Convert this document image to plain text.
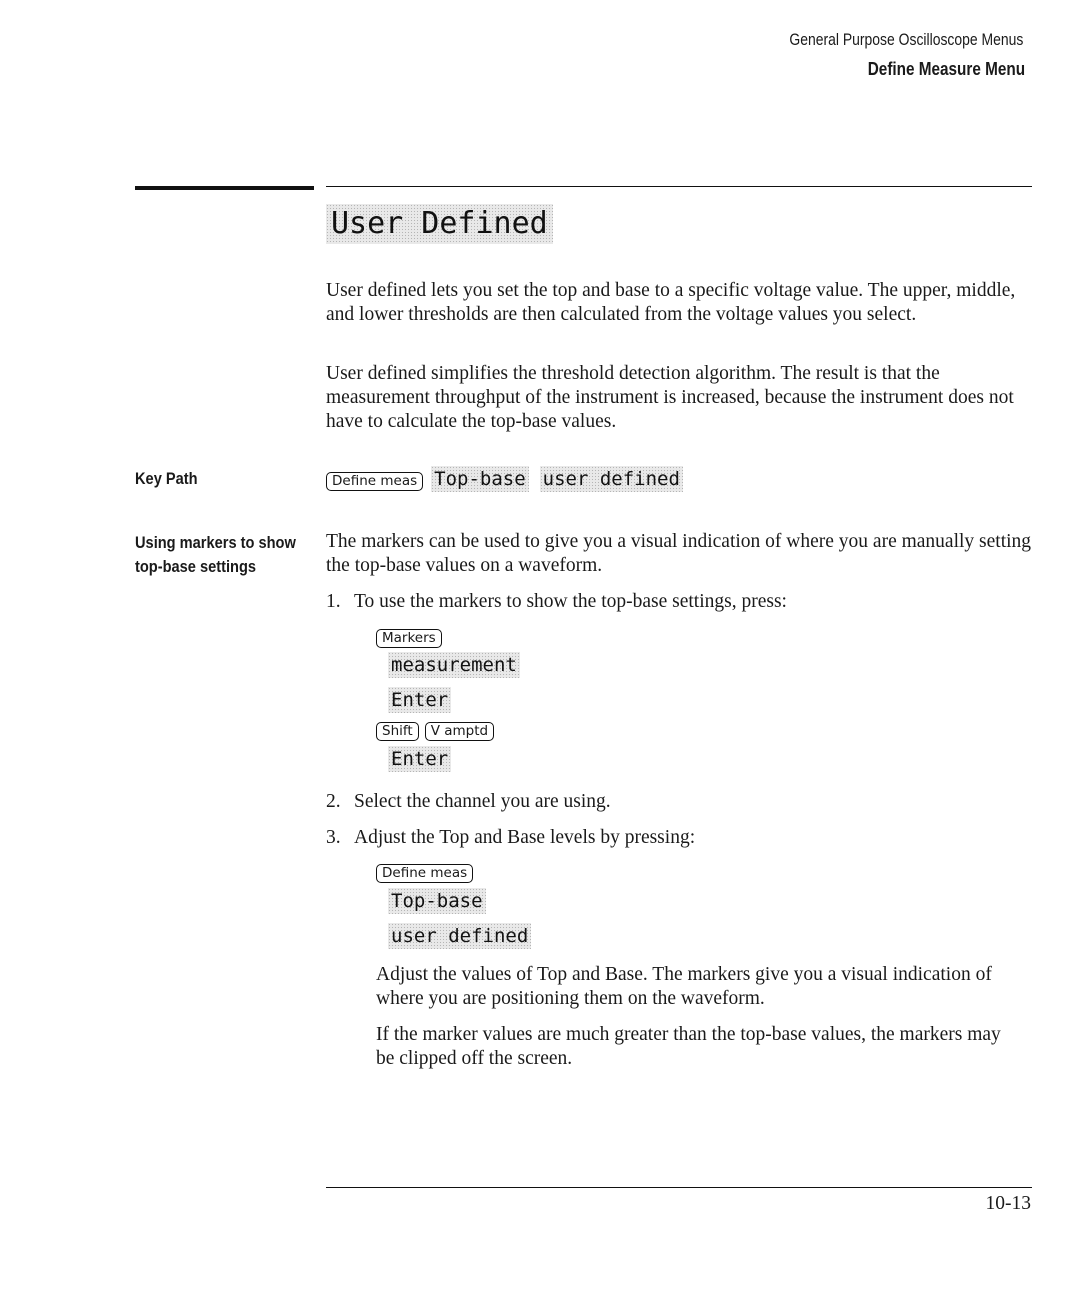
General Purpose Oscilloscope Menus
Define Measure Menu
User Defined

User defined lets you set the top and base to a specific voltage value. The upper, middle, and lower thresholds are then calculated from the voltage values you select.

User defined simplifies the threshold detection algorithm. The result is that the measurement throughput of the instrument is increased, because the instrument does not have to calculate the top-base values.

Key Path	Define meas Top-base user defined
Using markers to show
top-base settings

The markers can be used to give you a visual indication of where you are manually setting the top-base values on a waveform.

1. To use the markers to show the top-base settings, press:
Markers
measurement
Enter
Shift V amptd
Enter
2. Select the channel you are using.
3. Adjust the Top and Base levels by pressing:
Define meas
Top-base
user defined

Adjust the values of Top and Base. The markers give you a visual indication of where you are positioning them on the waveform.

If the marker values are much greater than the top-base values, the markers may be clipped off the screen.

10-13
